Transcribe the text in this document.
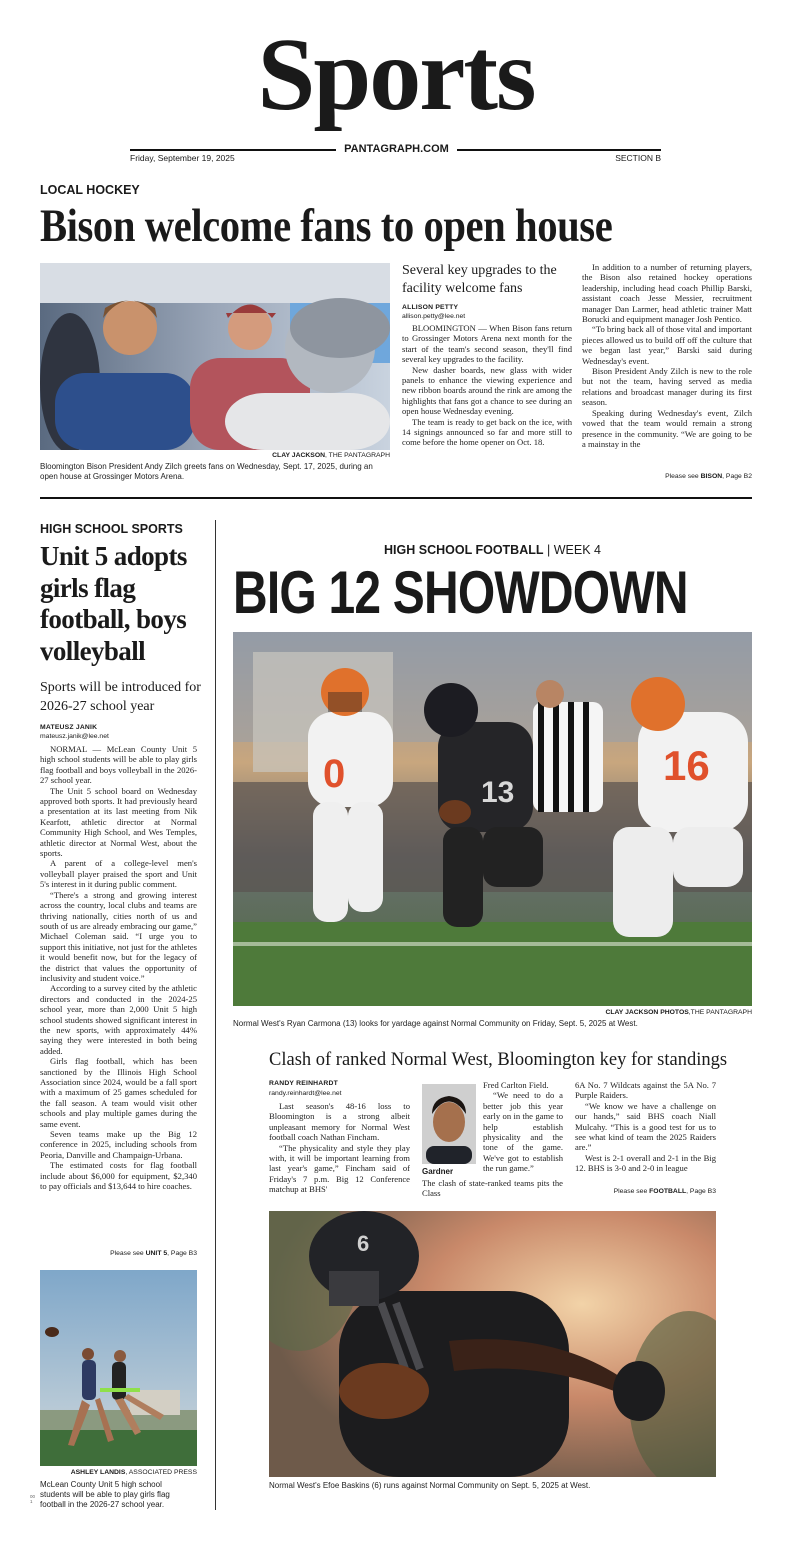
Sports
PANTAGRAPH.COM
Friday, September 19, 2025	SECTION B
LOCAL HOCKEY
Bison welcome fans to open house
CLAY JACKSON, THE PANTAGRAPH
Bloomington Bison President Andy Zilch greets fans on Wednesday, Sept. 17, 2025, during an open house at Grossinger Motors Arena.
Several key upgrades to the facility welcome fans
ALLISON PETTY
allison.petty@lee.net

BLOOMINGTON — When Bison fans return to Grossinger Motors Arena next month for the start of the team's second season, they'll find several key upgrades to the facility.

New dasher boards, new glass with wider panels to enhance the viewing experience and new ribbon boards around the rink are among the highlights that fans got a chance to see during an open house Wednesday evening.

The team is ready to get back on the ice, with 14 signings announced so far and more still to come before the home opener on Oct. 18.

In addition to a number of returning players, the Bison also retained hockey operations leadership, including head coach Phillip Barski, assistant coach Jesse Messier, recruitment manager Dan Larmer, head athletic trainer Matt Borucki and equipment manager Josh Pentico.

“To bring back all of those vital and important pieces allowed us to build off off the culture that we began last year,” Barski said during Wednesday's event.

Bison President Andy Zilch is new to the role but not the team, having served as media relations and broadcast manager during its first season.

Speaking during Wednesday's event, Zilch vowed that the team would remain a strong presence in the community. “We are going to be a mainstay in the

Please see BISON, Page B2
HIGH SCHOOL SPORTS
Unit 5 adopts girls flag football, boys volleyball
Sports will be introduced for 2026-27 school year
MATEUSZ JANIK
mateusz.janik@lee.net

NORMAL — McLean County Unit 5 high school students will be able to play girls flag football and boys volleyball in the 2026-27 school year.

The Unit 5 school board on Wednesday approved both sports. It had previously heard a presentation at its last meeting from Nik Kearfott, athletic director at Normal Community High School, and Wes Temples, athletic director at Normal West, about the sports.

A parent of a college-level men's volleyball player praised the sport and Unit 5's interest in it during public comment.

“There's a strong and growing interest across the country, local clubs and teams are thriving nationally, cities north of us and south of us are already embracing our game,” Michael Coleman said. “I urge you to support this initiative, not just for the athletes it would benefit now, but for the legacy of the district that values the opportunity of inclusivity and student voice.”

According to a survey cited by the athletic directors and conducted in the 2024-25 school year, more than 2,000 Unit 5 high school students showed significant interest in the new sports, with approximately 44% saying they were interested in both being added.

Girls flag football, which has been sanctioned by the Illinois High School Association since 2024, would be a fall sport with a maximum of 25 games scheduled for the fall season. A team would visit other schools and play multiple games during the same event.

Seven teams make up the Big 12 conference in 2025, including schools from Peoria, Danville and Champaign-Urbana.

The estimated costs for flag football include about $6,000 for equipment, $2,340 to pay officials and $13,644 to hire coaches.

Please see UNIT 5, Page B3
ASHLEY LANDIS, ASSOCIATED PRESS
McLean County Unit 5 high school students will be able to play girls flag football in the 2026-27 school year.
00
1
HIGH SCHOOL FOOTBALL | WEEK 4
BIG 12 SHOWDOWN
0	13
16
CLAY JACKSON PHOTOS,THE PANTAGRAPH
Normal West's Ryan Carmona (13) looks for yardage against Normal Community on Friday, Sept. 5, 2025 at West.
Clash of ranked Normal West, Bloomington key for standings
RANDY REINHARDT
randy.reinhardt@lee.net

Last season's 48-16 loss to Bloomington is a strong albeit unpleasant memory for Normal West football coach Nathan Fincham.

“The physicality and style they play with, it will be important learning from last year's game,” Fincham said of Friday's 7 p.m. Big 12 Conference matchup at BHS'

Gardner

Fred Carlton Field.

“We need to do a better job this year early on in the game to help establish physicality and the tone of the game. We've got to establish the run game.”

The clash of state-ranked teams pits the Class

6A No. 7 Wildcats against the 5A No. 7 Purple Raiders.

“We know we have a challenge on our hands,” said BHS coach Niall Mulcahy. “This is a good test for us to see what kind of team the 2025 Raiders are.”

West is 2-1 overall and 2-1 in the Big 12. BHS is 3-0 and 2-0 in league

Please see FOOTBALL, Page B3
6
Normal West's Efoe Baskins (6) runs against Normal Community on Sept. 5, 2025 at West.
